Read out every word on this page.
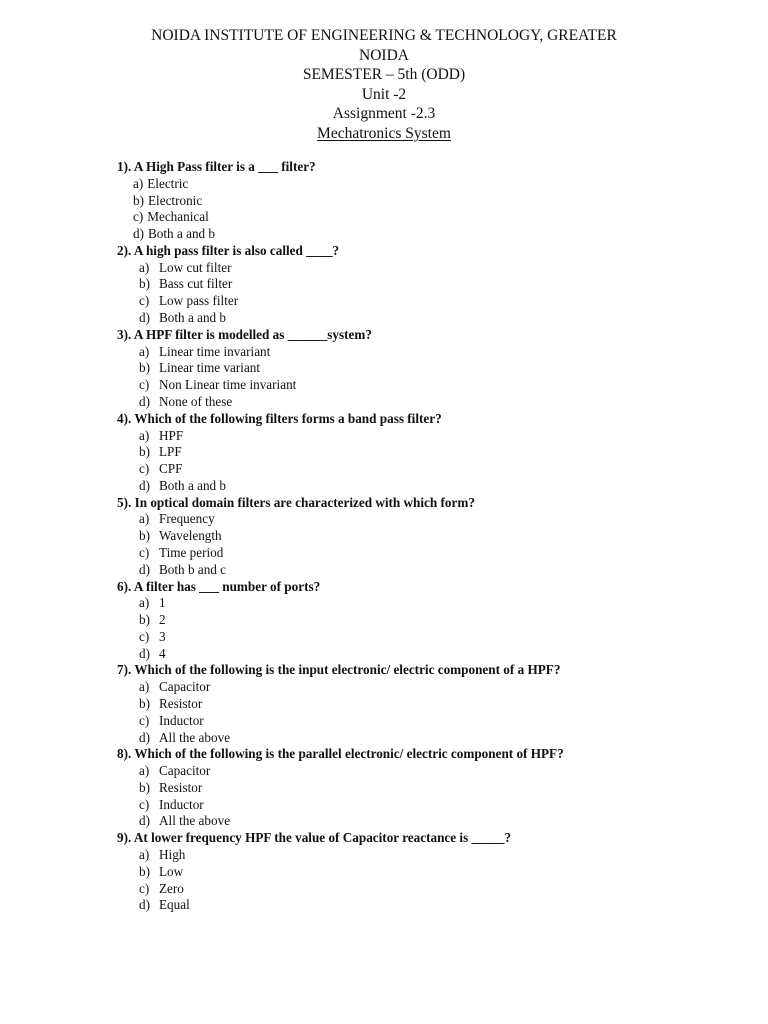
NOIDA INSTITUTE OF ENGINEERING & TECHNOLOGY, GREATER
NOIDA
SEMESTER – 5th (ODD)
Unit -2
Assignment -2.3
Mechatronics System
1). A High Pass filter is a ___ filter?
a) Electric
b) Electronic
c) Mechanical
d) Both a and b
2). A high pass filter is also called ____?
a) Low cut filter
b) Bass cut filter
c) Low pass filter
d) Both a and b
3). A HPF filter is modelled as ______system?
a) Linear time invariant
b) Linear time variant
c) Non Linear time invariant
d) None of these
4). Which of the following filters forms a band pass filter?
a) HPF
b) LPF
c) CPF
d) Both a and b
5). In optical domain filters are characterized with which form?
a) Frequency
b) Wavelength
c) Time period
d) Both b and c
6). A filter has ___ number of ports?
a) 1
b) 2
c) 3
d) 4
7). Which of the following is the input electronic/ electric component of a HPF?
a) Capacitor
b) Resistor
c) Inductor
d) All the above
8). Which of the following is the parallel electronic/ electric component of HPF?
a) Capacitor
b) Resistor
c) Inductor
d) All the above
9). At lower frequency HPF the value of Capacitor reactance is _____?
a) High
b) Low
c) Zero
d) Equal
